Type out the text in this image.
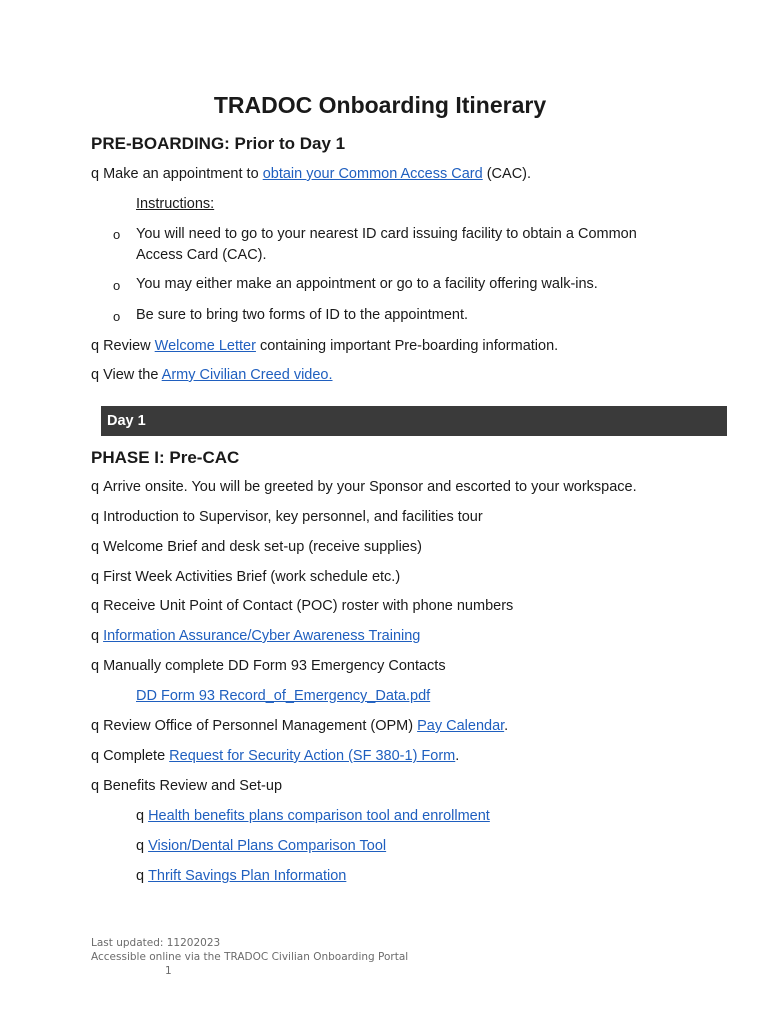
TRADOC Onboarding Itinerary
PRE-BOARDING: Prior to Day 1
q Make an appointment to obtain your Common Access Card (CAC).
Instructions:
o You will need to go to your nearest ID card issuing facility to obtain a Common Access Card (CAC).
o You may either make an appointment or go to a facility offering walk-ins.
o Be sure to bring two forms of ID to the appointment.
q Review Welcome Letter containing important Pre-boarding information.
q View the Army Civilian Creed video.
Day 1
PHASE I: Pre-CAC
q Arrive onsite. You will be greeted by your Sponsor and escorted to your workspace.
q Introduction to Supervisor, key personnel, and facilities tour
q Welcome Brief and desk set-up (receive supplies)
q First Week Activities Brief (work schedule etc.)
q Receive Unit Point of Contact (POC) roster with phone numbers
q Information Assurance/Cyber Awareness Training
q Manually complete DD Form 93 Emergency Contacts
DD Form 93 Record_of_Emergency_Data.pdf
q Review Office of Personnel Management (OPM) Pay Calendar.
q Complete Request for Security Action (SF 380-1) Form.
q Benefits Review and Set-up
q Health benefits plans comparison tool and enrollment
q Vision/Dental Plans Comparison Tool
q Thrift Savings Plan Information
Last updated: 11202023
Accessible online via the TRADOC Civilian Onboarding Portal
1
